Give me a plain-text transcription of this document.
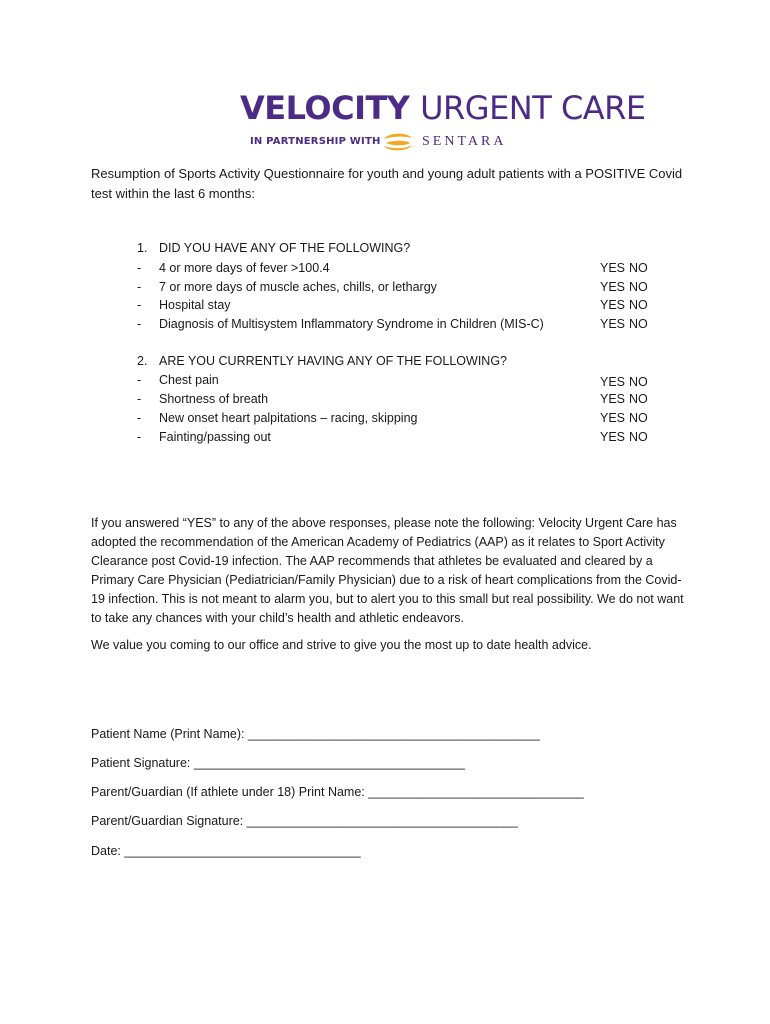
VELOCITY URGENT CARE
IN PARTNERSHIP WITH	SENTARA
Resumption of Sports Activity Questionnaire for youth and young adult patients with a POSITIVE Covid test within the last 6 months:
1. DID YOU HAVE ANY OF THE FOLLOWING?
- 4 or more days of fever >100.4	YES NO
- 7 or more days of muscle aches, chills, or lethargy	YES NO
- Hospital stay	YES NO
- Diagnosis of Multisystem Inflammatory Syndrome in Children (MIS-C)	YES NO
2. ARE YOU CURRENTLY HAVING ANY OF THE FOLLOWING?
- Chest pain	YES NO
- Shortness of breath	YES NO
- New onset heart palpitations – racing, skipping	YES NO
- Fainting/passing out	YES NO
If you answered “YES” to any of the above responses, please note the following: Velocity Urgent Care has adopted the recommendation of the American Academy of Pediatrics (AAP) as it relates to Sport Activity Clearance post Covid-19 infection. The AAP recommends that athletes be evaluated and cleared by a Primary Care Physician (Pediatrician/Family Physician) due to a risk of heart complications from the Covid-19 infection. This is not meant to alarm you, but to alert you to this small but real possibility. We do not want to take any chances with your child’s health and athletic endeavors.
We value you coming to our office and strive to give you the most up to date health advice.
Patient Name (Print Name): __________________________________________
Patient Signature: _______________________________________
Parent/Guardian (If athlete under 18) Print Name: _______________________________
Parent/Guardian Signature: _______________________________________
Date: __________________________________
